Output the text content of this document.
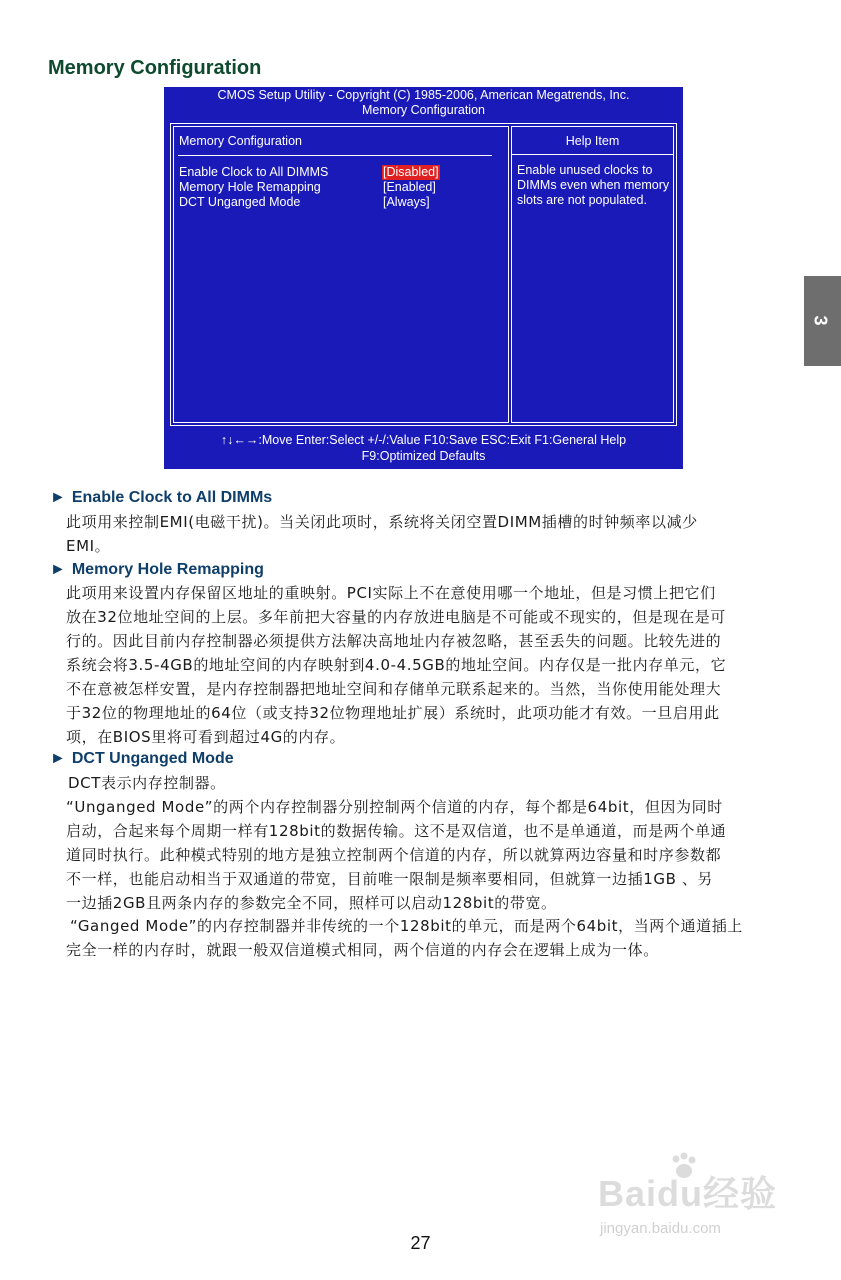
Memory Configuration
3
CMOS Setup Utility - Copyright (C) 1985-2006, American Megatrends, Inc.
Memory Configuration
Memory Configuration
Enable Clock to All DIMMS	[Disabled]
Memory Hole Remapping	[Enabled]
DCT Unganged Mode	[Always]
Help Item
Enable unused clocks to
DIMMs even when memory
slots are not populated.
↑↓←→:Move Enter:Select +/-/:Value F10:Save ESC:Exit F1:General Help
F9:Optimized Defaults
► Enable Clock to All DIMMs
此项用来控制EMI(电磁干扰)。当关闭此项时，系统将关闭空置DIMM插槽的时钟频率以减少
EMI。
► Memory Hole Remapping
此项用来设置内存保留区地址的重映射。PCI实际上不在意使用哪一个地址，但是习惯上把它们
放在32位地址空间的上层。多年前把大容量的内存放进电脑是不可能或不现实的，但是现在是可
行的。因此目前内存控制器必须提供方法解决高地址内存被忽略，甚至丢失的问题。比较先进的
系统会将3.5-4GB的地址空间的内存映射到4.0-4.5GB的地址空间。内存仅是一批内存单元，它
不在意被怎样安置，是内存控制器把地址空间和存储单元联系起来的。当然，当你使用能处理大
于32位的物理地址的64位（或支持32位物理地址扩展）系统时，此项功能才有效。一旦启用此
项，在BIOS里将可看到超过4G的内存。
► DCT Unganged Mode
DCT表示内存控制器。
“Unganged Mode”的两个内存控制器分别控制两个信道的内存，每个都是64bit，但因为同时
启动，合起来每个周期一样有128bit的数据传输。这不是双信道，也不是单通道，而是两个单通
道同时执行。此种模式特别的地方是独立控制两个信道的内存，所以就算两边容量和时序参数都
不一样，也能启动相当于双通道的带宽，目前唯一限制是频率要相同，但就算一边插1GB 、另
一边插2GB且两条内存的参数完全不同，照样可以启动128bit的带宽。
“Ganged Mode”的内存控制器并非传统的一个128bit的单元，而是两个64bit，当两个通道插上
完全一样的内存时，就跟一般双信道模式相同，两个信道的内存会在逻辑上成为一体。
Baidu经验
jingyan.baidu.com
27
